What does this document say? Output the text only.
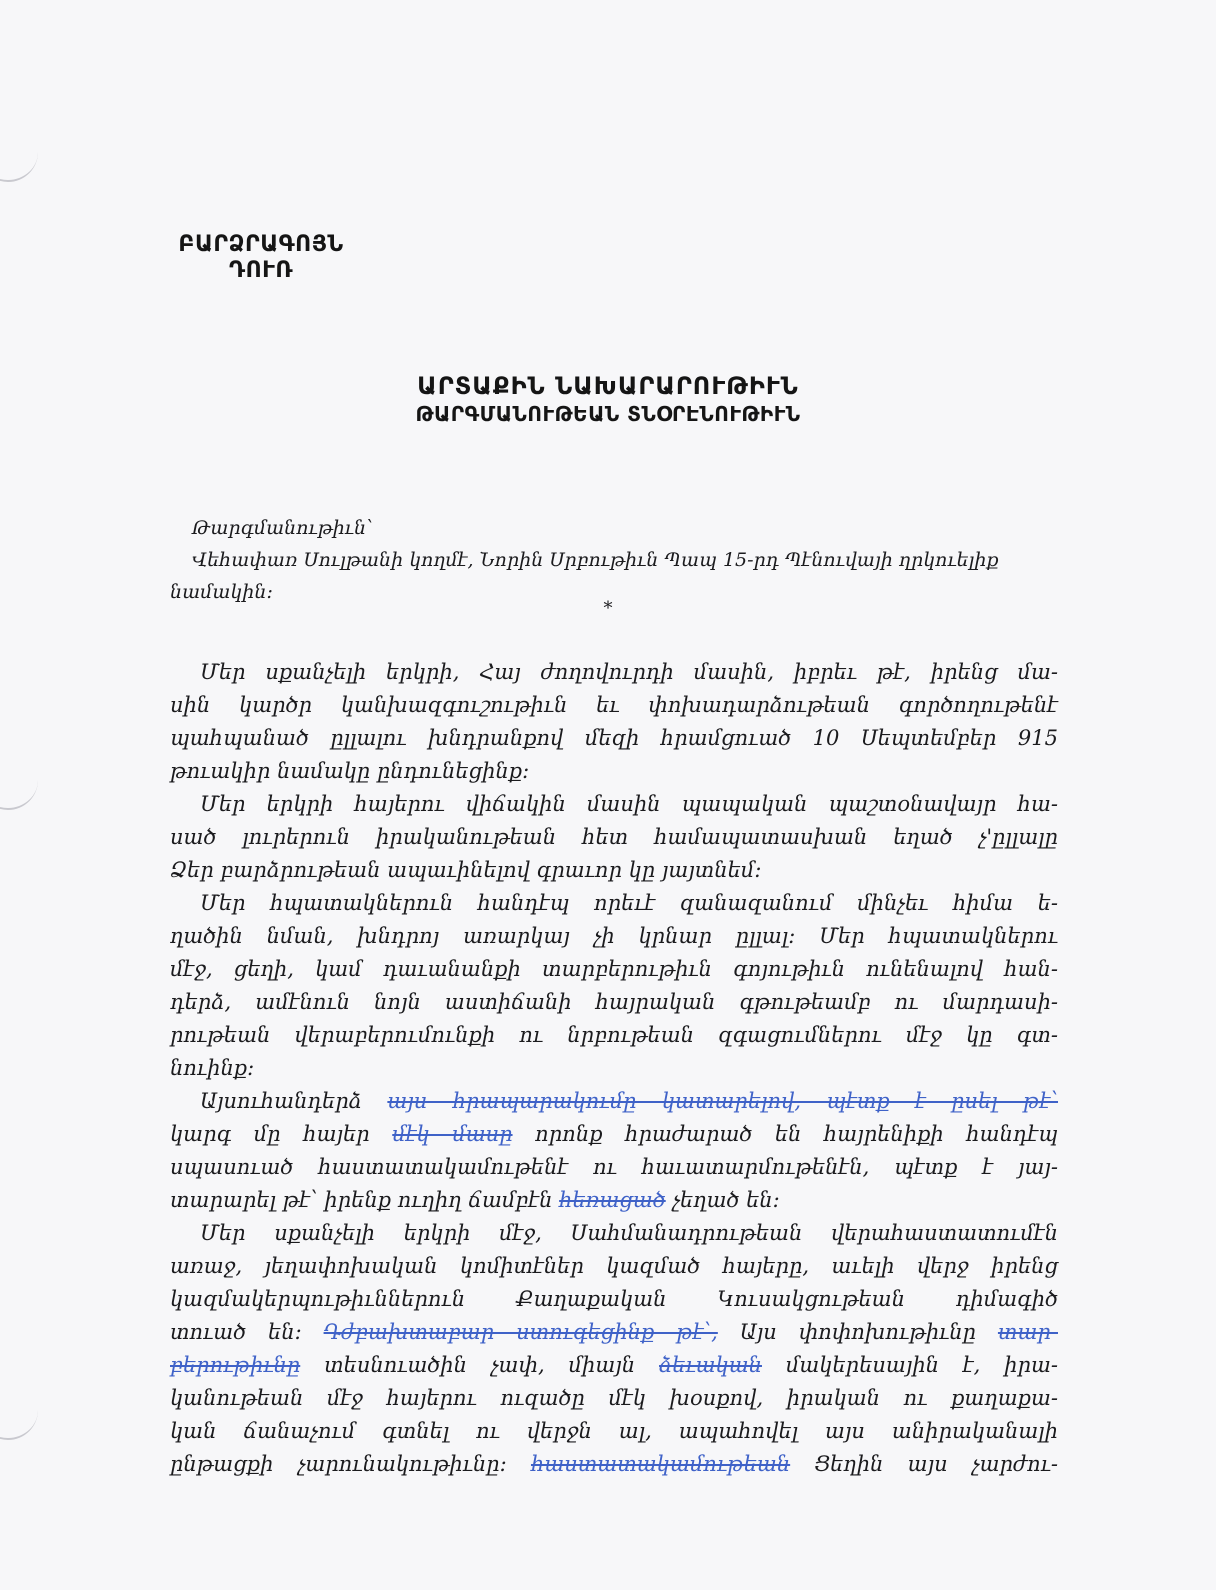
ԲԱՐՁՐԱԳՈՅՆ
ԴՈՒՌ
ԱՐՏԱՔԻՆ ՆԱԽԱՐԱՐՈՒԹԻՒՆ
ԹԱՐԳՄԱՆՈՒԹԵԱՆ ՏՆՕՐԷՆՈՒԹԻՒՆ
Թարգմանութիւն՝
Վեհափառ Սուլթանի կողմէ, Նորին Սրբութիւն Պապ 15-րդ Պէնուվայի ղրկուելիք
նամակին:
*
Մեր սքանչելի երկրի, Հայ ժողովուրդի մասին, իբրեւ թէ, իրենց մա-
սին կարծր կանխազգուշութիւն եւ փոխադարձութեան գործողութենէ
պահպանած ըլլալու խնդրանքով մեզի հրամցուած 10 Սեպտեմբեր 915
թուակիր նամակը ընդունեցինք:
Մեր երկրի հայերու վիճակին մասին պապական պաշտօնավայր հա-
սած լուրերուն իրականութեան հետ համապատասխան եղած չ'ըլլալը
Ձեր բարձրութեան ապաւինելով գրաւոր կը յայտնեմ:
Մեր հպատակներուն հանդէպ որեւէ զանազանում մինչեւ հիմա ե-
ղածին նման, խնդրոյ առարկայ չի կրնար ըլլալ: Մեր հպատակներու
մէջ, ցեղի, կամ դաւանանքի տարբերութիւն գոյութիւն ունենալով հան-
դերձ, ամէնուն նոյն աստիճանի հայրական գթութեամբ ու մարդասի-
րութեան վերաբերումունքի ու նրբութեան զգացումներու մէջ կը գտ-
նուինք:
Այսուհանդերձ այս հրապարակումը կատարելով, պէտք է ըսել թէ՝
կարգ մը հայեր մէկ մասը որոնք հրաժարած են հայրենիքի հանդէպ
սպասուած հաստատակամութենէ ու հաւատարմութենէն, պէտք է յայ-
տարարել թէ՝ իրենք ուղիղ ճամբէն հեռացած չեղած են:
Մեր սքանչելի երկրի մէջ, Սահմանադրութեան վերահաստատումէն
առաջ, յեղափոխական կոմիտէներ կազմած հայերը, աւելի վերջ իրենց
կազմակերպութիւններուն Քաղաքական Կուսակցութեան դիմագիծ
տուած են: Դժբախտաբար ստուգեցինք թէ՝, Այս փոփոխութիւնը տար-
բերութիւնը տեսնուածին չափ, միայն ձեւական մակերեսային է, իրա-
կանութեան մէջ հայերու ուզածը մէկ խօսքով, իրական ու քաղաքա-
կան ճանաչում գտնել ու վերջն ալ, ապահովել այս անիրականալի
ընթացքի չարունակութիւնը: հաստատակամութեան Ցեղին այս չարժու-
